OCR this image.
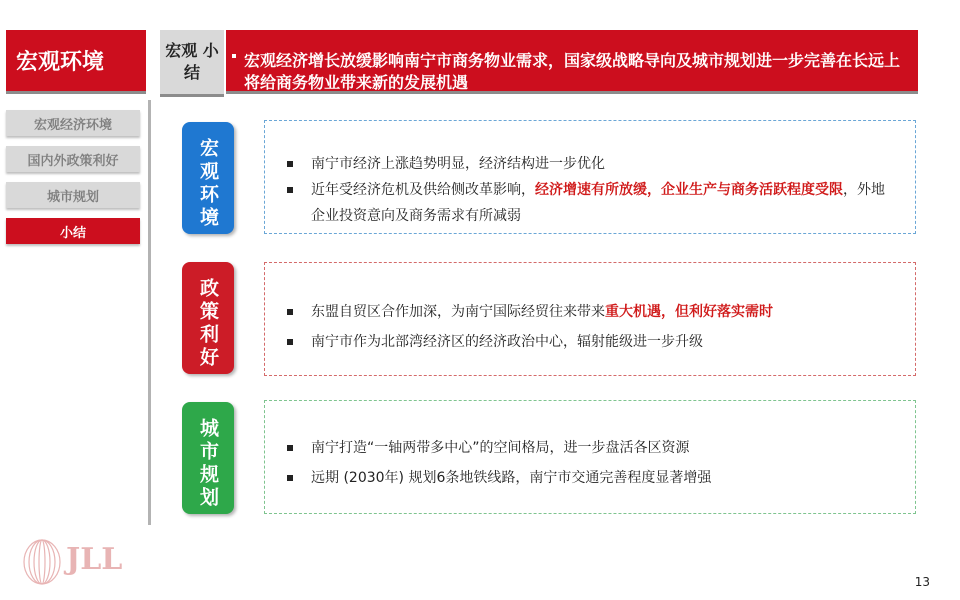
宏观环境
宏观经济环境
国内外政策利好
城市规划
小结
宏观 小结
宏观经济增长放缓影响南宁市商务物业需求，国家级战略导向及城市规划进一步完善在长远上将给商务物业带来新的发展机遇
宏观环境	南宁市经济上涨趋势明显，经济结构进一步优化
近年受经济危机及供给侧改革影响，经济增速有所放缓，企业生产与商务活跃程度受限，外地企业投资意向及商务需求有所减弱
政策利好	东盟自贸区合作加深，为南宁国际经贸往来带来重大机遇，但利好落实需时
南宁市作为北部湾经济区的经济政治中心，辐射能级进一步升级
城市规划	南宁打造“一轴两带多中心”的空间格局，进一步盘活各区资源
远期 (2030年) 规划6条地铁线路，南宁市交通完善程度显著增强
JLL
13
